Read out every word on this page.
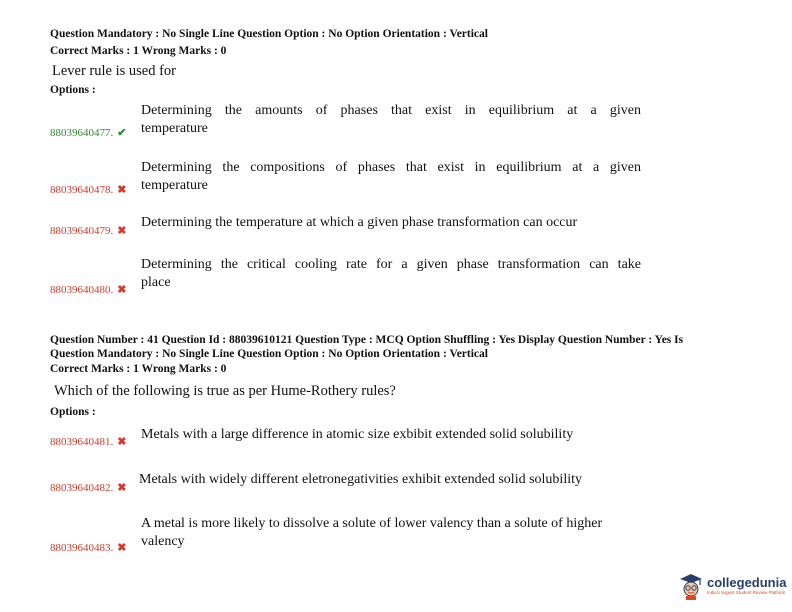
Question Mandatory : No Single Line Question Option : No Option Orientation : Vertical
Correct Marks : 1 Wrong Marks : 0
Lever rule is used for
Options :
Determining the amounts of phases that exist in equilibrium at a given
temperature
88039640477. ✔
Determining the compositions of phases that exist in equilibrium at a given
temperature
88039640478. ✖
Determining the temperature at which a given phase transformation can occur
88039640479. ✖
Determining the critical cooling rate for a given phase transformation can take
place
88039640480. ✖
Question Number : 41 Question Id : 88039610121 Question Type : MCQ Option Shuffling : Yes Display Question Number : Yes Is
Question Mandatory : No Single Line Question Option : No Option Orientation : Vertical
Correct Marks : 1 Wrong Marks : 0
Which of the following is true as per Hume-Rothery rules?
Options :
Metals with a large difference in atomic size exbibit extended solid solubility
88039640481. ✖
Metals with widely different eletronegativities exhibit extended solid solubility
88039640482. ✖
A metal is more likely to dissolve a solute of lower valency than a solute of higher
valency
88039640483. ✖
collegedunia
India's largest Student Review Platform
